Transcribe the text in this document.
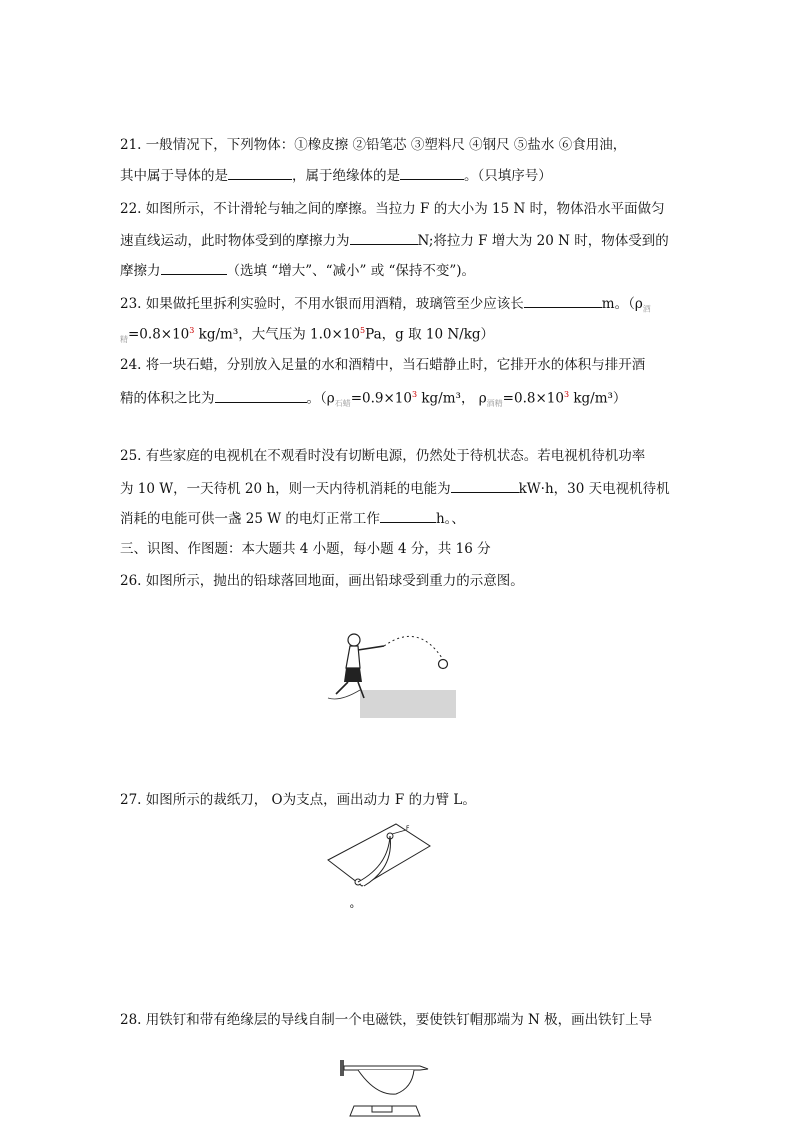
21. 一般情况下，下列物体：①橡皮擦 ②铅笔芯 ③塑料尺 ④钢尺 ⑤盐水 ⑥食用油，
其中属于导体的是	，属于绝缘体的是	。（只填序号）
22. 如图所示，不计滑轮与轴之间的摩擦。当拉力 F 的大小为 15 N 时，物体沿水平面做匀
速直线运动，此时物体受到的摩擦力为	N;将拉力 F 增大为 20 N 时，物体受到的
摩擦力	（选填 “增大”、“减小” 或 “保持不变”)。
23. 如果做托里拆利实验时，不用水银而用酒精，玻璃管至少应该长	m。（$\rho_酒$
$_精=0.8\times 10^3$ kg/m³，大气压为 $1.0\times 10^5Pa$，g 取 10 N/kg）
24. 将一块石蜡，分别放入足量的水和酒精中，当石蜡静止时，它排开水的体积与排开酒
精的体积之比为	。（$\rho_{石蜡}=0.9\times 10^3$ kg/m³， $\rho_{酒精}=0.8\times 10^3$ kg/m³）
25. 有些家庭的电视机在不观看时没有切断电源，仍然处于待机状态。若电视机待机功率
为 10 W，一天待机 20 h，则一天内待机消耗的电能为	kW·h，30 天电视机待机
消耗的电能可供一盏 25 W 的电灯正常工作	h。、
三、识图、作图题：本大题共 4 小题，每小题 4 分，共 16 分
26. 如图所示，抛出的铅球落回地面，画出铅球受到重力的示意图。
27. 如图所示的裁纸刀， O为支点，画出动力 F 的力臂 L。
F
o
28. 用铁钉和带有绝缘层的导线自制一个电磁铁，要使铁钉帽那端为 N 极，画出铁钉上导
